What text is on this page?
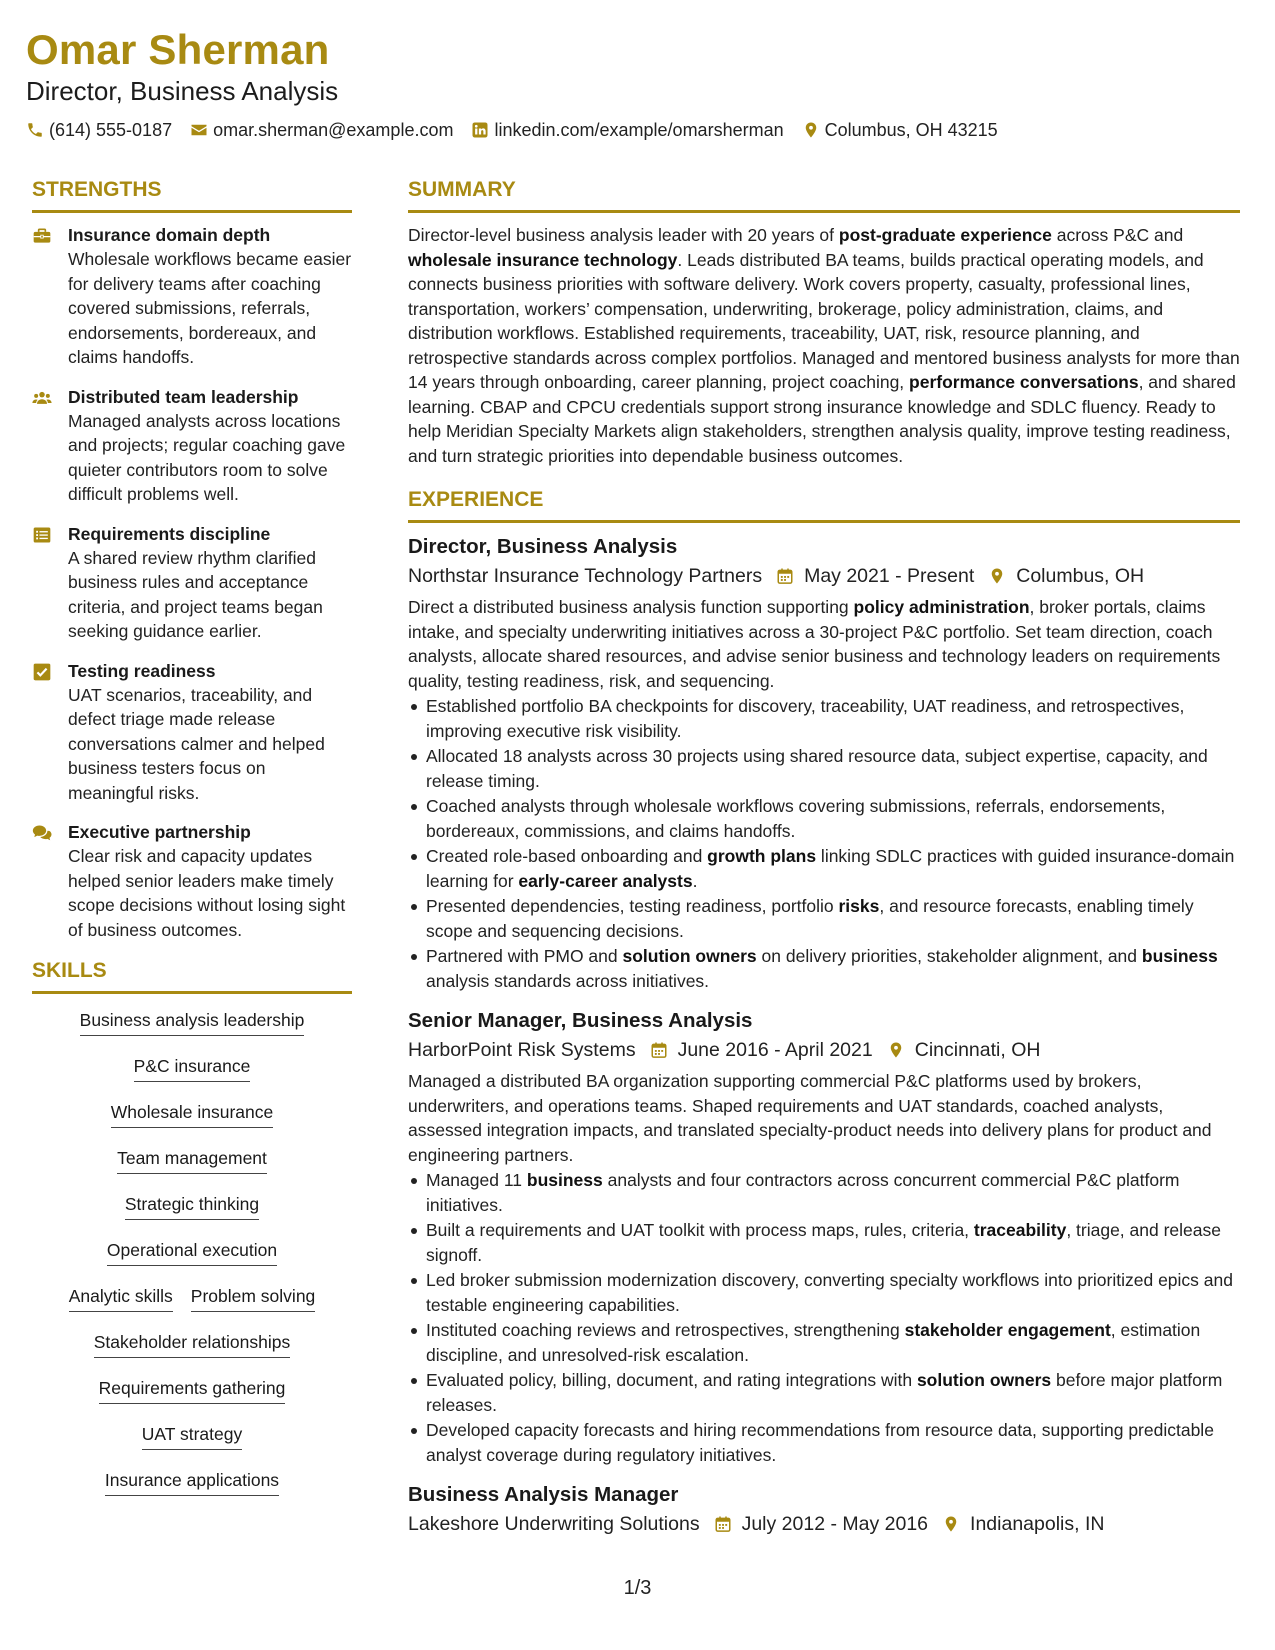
Omar Sherman
Director, Business Analysis
(614) 555-0187 omar.sherman@example.com linkedin.com/example/omarsherman Columbus, OH 43215
STRENGTHS
Insurance domain depth
Wholesale workflows became easier for delivery teams after coaching covered submissions, referrals, endorsements, bordereaux, and claims handoffs.
Distributed team leadership
Managed analysts across locations and projects; regular coaching gave quieter contributors room to solve difficult problems well.
Requirements discipline
A shared review rhythm clarified business rules and acceptance criteria, and project teams began seeking guidance earlier.
Testing readiness
UAT scenarios, traceability, and defect triage made release conversations calmer and helped business testers focus on meaningful risks.
Executive partnership
Clear risk and capacity updates helped senior leaders make timely scope decisions without losing sight of business outcomes.
SKILLS
Business analysis leadership
P&C insurance
Wholesale insurance
Team management
Strategic thinking
Operational execution
Analytic skills Problem solving
Stakeholder relationships
Requirements gathering
UAT strategy
Insurance applications
SUMMARY
Director-level business analysis leader with 20 years of post-graduate experience across P&C and wholesale insurance technology. Leads distributed BA teams, builds practical operating models, and connects business priorities with software delivery. Work covers property, casualty, professional lines, transportation, workers’ compensation, underwriting, brokerage, policy administration, claims, and distribution workflows. Established requirements, traceability, UAT, risk, resource planning, and retrospective standards across complex portfolios. Managed and mentored business analysts for more than 14 years through onboarding, career planning, project coaching, performance conversations, and shared learning. CBAP and CPCU credentials support strong insurance knowledge and SDLC fluency. Ready to help Meridian Specialty Markets align stakeholders, strengthen analysis quality, improve testing readiness, and turn strategic priorities into dependable business outcomes.
EXPERIENCE
Director, Business Analysis
Northstar Insurance Technology Partners May 2021 - Present Columbus, OH
Direct a distributed business analysis function supporting policy administration, broker portals, claims intake, and specialty underwriting initiatives across a 30-project P&C portfolio. Set team direction, coach analysts, allocate shared resources, and advise senior business and technology leaders on requirements quality, testing readiness, risk, and sequencing.
Established portfolio BA checkpoints for discovery, traceability, UAT readiness, and retrospectives, improving executive risk visibility.
Allocated 18 analysts across 30 projects using shared resource data, subject expertise, capacity, and release timing.
Coached analysts through wholesale workflows covering submissions, referrals, endorsements, bordereaux, commissions, and claims handoffs.
Created role-based onboarding and growth plans linking SDLC practices with guided insurance-domain learning for early-career analysts.
Presented dependencies, testing readiness, portfolio risks, and resource forecasts, enabling timely scope and sequencing decisions.
Partnered with PMO and solution owners on delivery priorities, stakeholder alignment, and business analysis standards across initiatives.
Senior Manager, Business Analysis
HarborPoint Risk Systems June 2016 - April 2021 Cincinnati, OH
Managed a distributed BA organization supporting commercial P&C platforms used by brokers, underwriters, and operations teams. Shaped requirements and UAT standards, coached analysts, assessed integration impacts, and translated specialty-product needs into delivery plans for product and engineering partners.
Managed 11 business analysts and four contractors across concurrent commercial P&C platform initiatives.
Built a requirements and UAT toolkit with process maps, rules, criteria, traceability, triage, and release signoff.
Led broker submission modernization discovery, converting specialty workflows into prioritized epics and testable engineering capabilities.
Instituted coaching reviews and retrospectives, strengthening stakeholder engagement, estimation discipline, and unresolved-risk escalation.
Evaluated policy, billing, document, and rating integrations with solution owners before major platform releases.
Developed capacity forecasts and hiring recommendations from resource data, supporting predictable analyst coverage during regulatory initiatives.
Business Analysis Manager
Lakeshore Underwriting Solutions July 2012 - May 2016 Indianapolis, IN
1/3
